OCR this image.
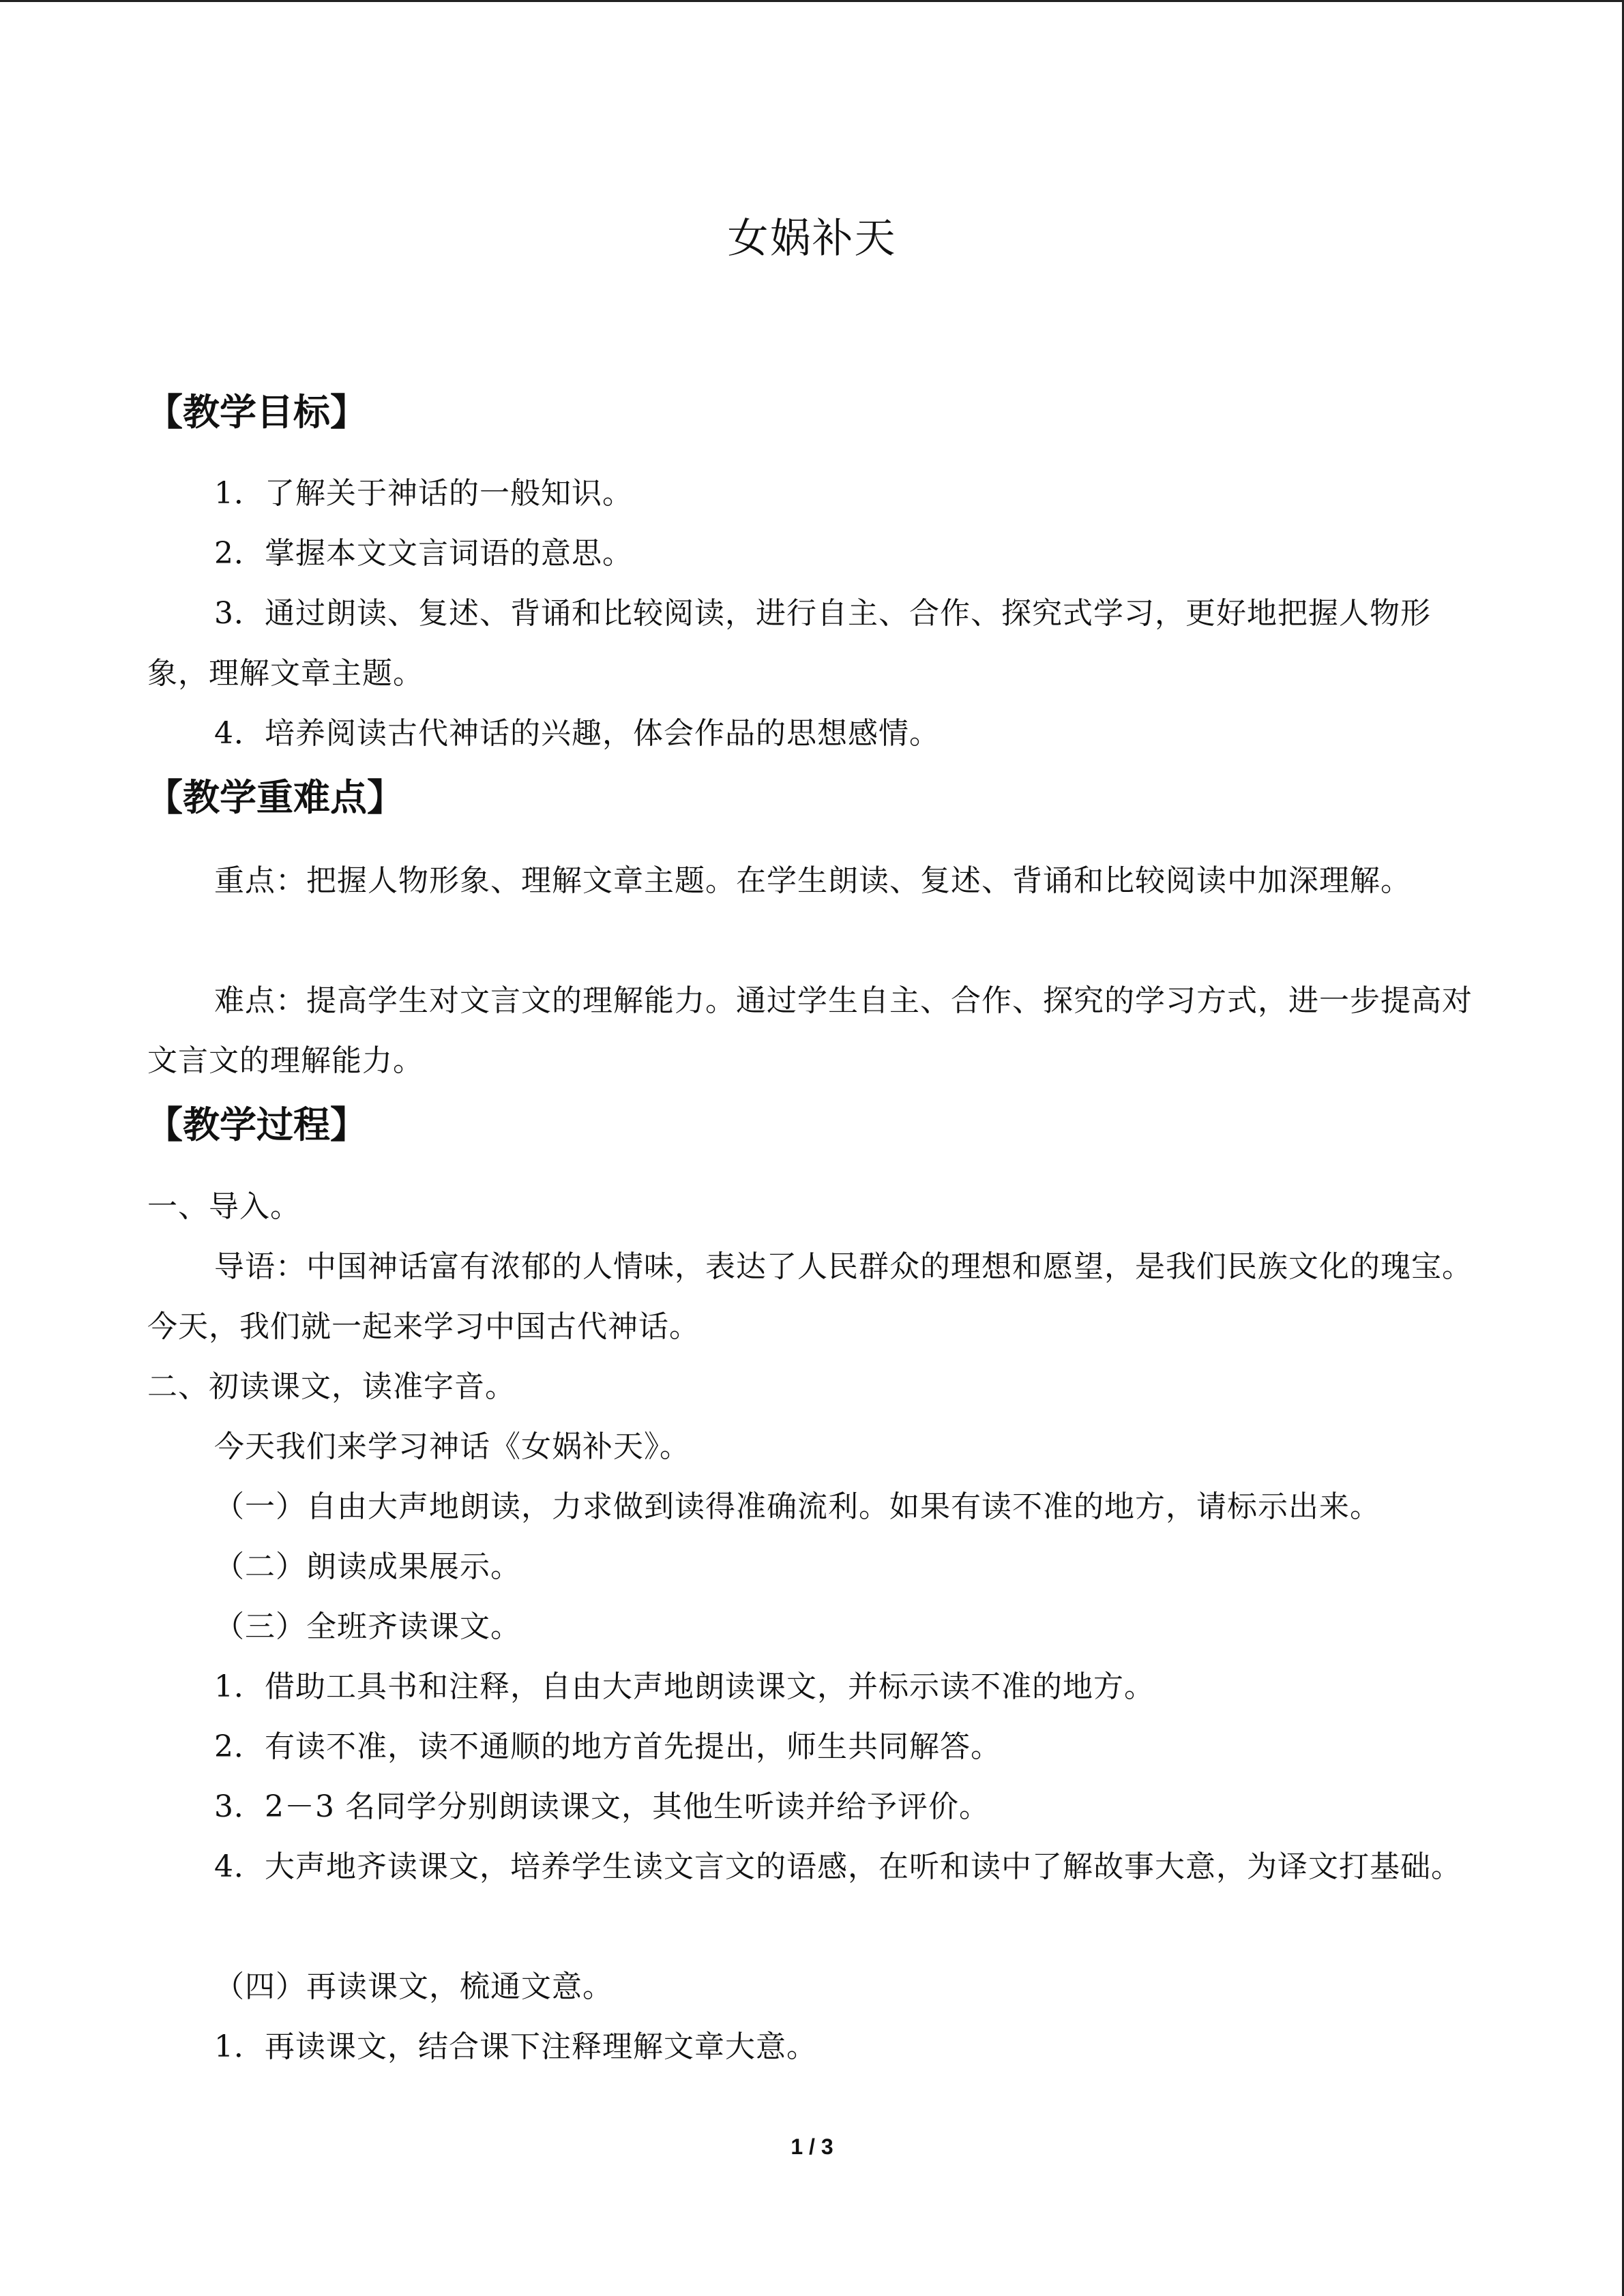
女娲补天
【教学目标】
1．了解关于神话的一般知识。
2．掌握本文文言词语的意思。
3．通过朗读、复述、背诵和比较阅读，进行自主、合作、探究式学习，更好地把握人物形象，理解文章主题。
4．培养阅读古代神话的兴趣，体会作品的思想感情。
【教学重难点】
重点：把握人物形象、理解文章主题。在学生朗读、复述、背诵和比较阅读中加深理解。
难点：提高学生对文言文的理解能力。通过学生自主、合作、探究的学习方式，进一步提高对文言文的理解能力。
【教学过程】
一、导入。
导语：中国神话富有浓郁的人情味，表达了人民群众的理想和愿望，是我们民族文化的瑰宝。今天，我们就一起来学习中国古代神话。
二、初读课文，读准字音。
今天我们来学习神话《女娲补天》。
（一）自由大声地朗读，力求做到读得准确流利。如果有读不准的地方，请标示出来。
（二）朗读成果展示。
（三）全班齐读课文。
1．借助工具书和注释，自由大声地朗读课文，并标示读不准的地方。
2．有读不准，读不通顺的地方首先提出，师生共同解答。
3．2－3 名同学分别朗读课文，其他生听读并给予评价。
4．大声地齐读课文，培养学生读文言文的语感，在听和读中了解故事大意，为译文打基础。
（四）再读课文，梳通文意。
1．再读课文，结合课下注释理解文章大意。
1 / 3
